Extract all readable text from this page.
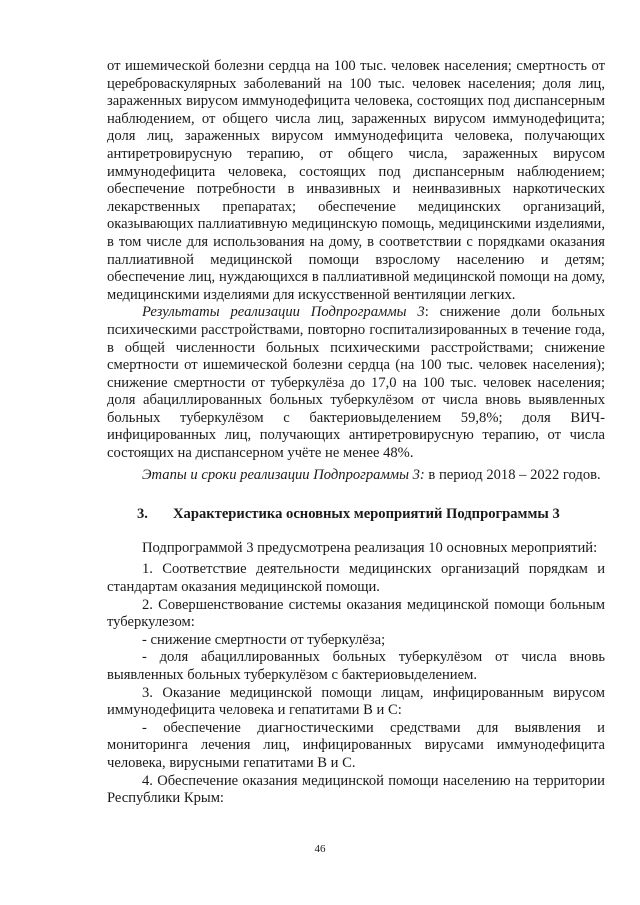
от ишемической болезни сердца на 100 тыс. человек населения; смертность от цереброваскулярных заболеваний на 100 тыс. человек населения; доля лиц, зараженных вирусом иммунодефицита человека, состоящих под диспансерным наблюдением, от общего числа лиц, зараженных вирусом иммунодефицита; доля лиц, зараженных вирусом иммунодефицита человека, получающих антиретровирусную терапию, от общего числа, зараженных вирусом иммунодефицита человека, состоящих под диспансерным наблюдением; обеспечение потребности в инвазивных и неинвазивных наркотических лекарственных препаратах; обеспечение медицинских организаций, оказывающих паллиативную медицинскую помощь, медицинскими изделиями, в том числе для использования на дому, в соответствии с порядками оказания паллиативной медицинской помощи взрослому населению и детям; обеспечение лиц, нуждающихся в паллиативной медицинской помощи на дому, медицинскими изделиями для искусственной вентиляции легких.

Результаты реализации Подпрограммы 3: снижение доли больных психическими расстройствами, повторно госпитализированных в течение года, в общей численности больных психическими расстройствами; снижение смертности от ишемической болезни сердца (на 100 тыс. человек населения); снижение смертности от туберкулёза до 17,0 на 100 тыс. человек населения; доля абациллированных больных туберкулёзом от числа вновь выявленных больных туберкулёзом с бактериовыделением 59,8%; доля ВИЧ-инфицированных лиц, получающих антиретровирусную терапию, от числа состоящих на диспансерном учёте не менее 48%.

Этапы и сроки реализации Подпрограммы 3: в период 2018 – 2022 годов.

3.	Характеристика основных мероприятий Подпрограммы 3

Подпрограммой 3 предусмотрена реализация 10 основных мероприятий:

1. Соответствие деятельности медицинских организаций порядкам и стандартам оказания медицинской помощи.

2. Совершенствование системы оказания медицинской помощи больным туберкулезом:

- снижение смертности от туберкулёза;

- доля абациллированных больных туберкулёзом от числа вновь выявленных больных туберкулёзом с бактериовыделением.

3. Оказание медицинской помощи лицам, инфицированным вирусом иммунодефицита человека и гепатитами В и С:

- обеспечение диагностическими средствами для выявления и мониторинга лечения лиц, инфицированных вирусами иммунодефицита человека, вирусными гепатитами В и С.

4. Обеспечение оказания медицинской помощи населению на территории Республики Крым:

46
